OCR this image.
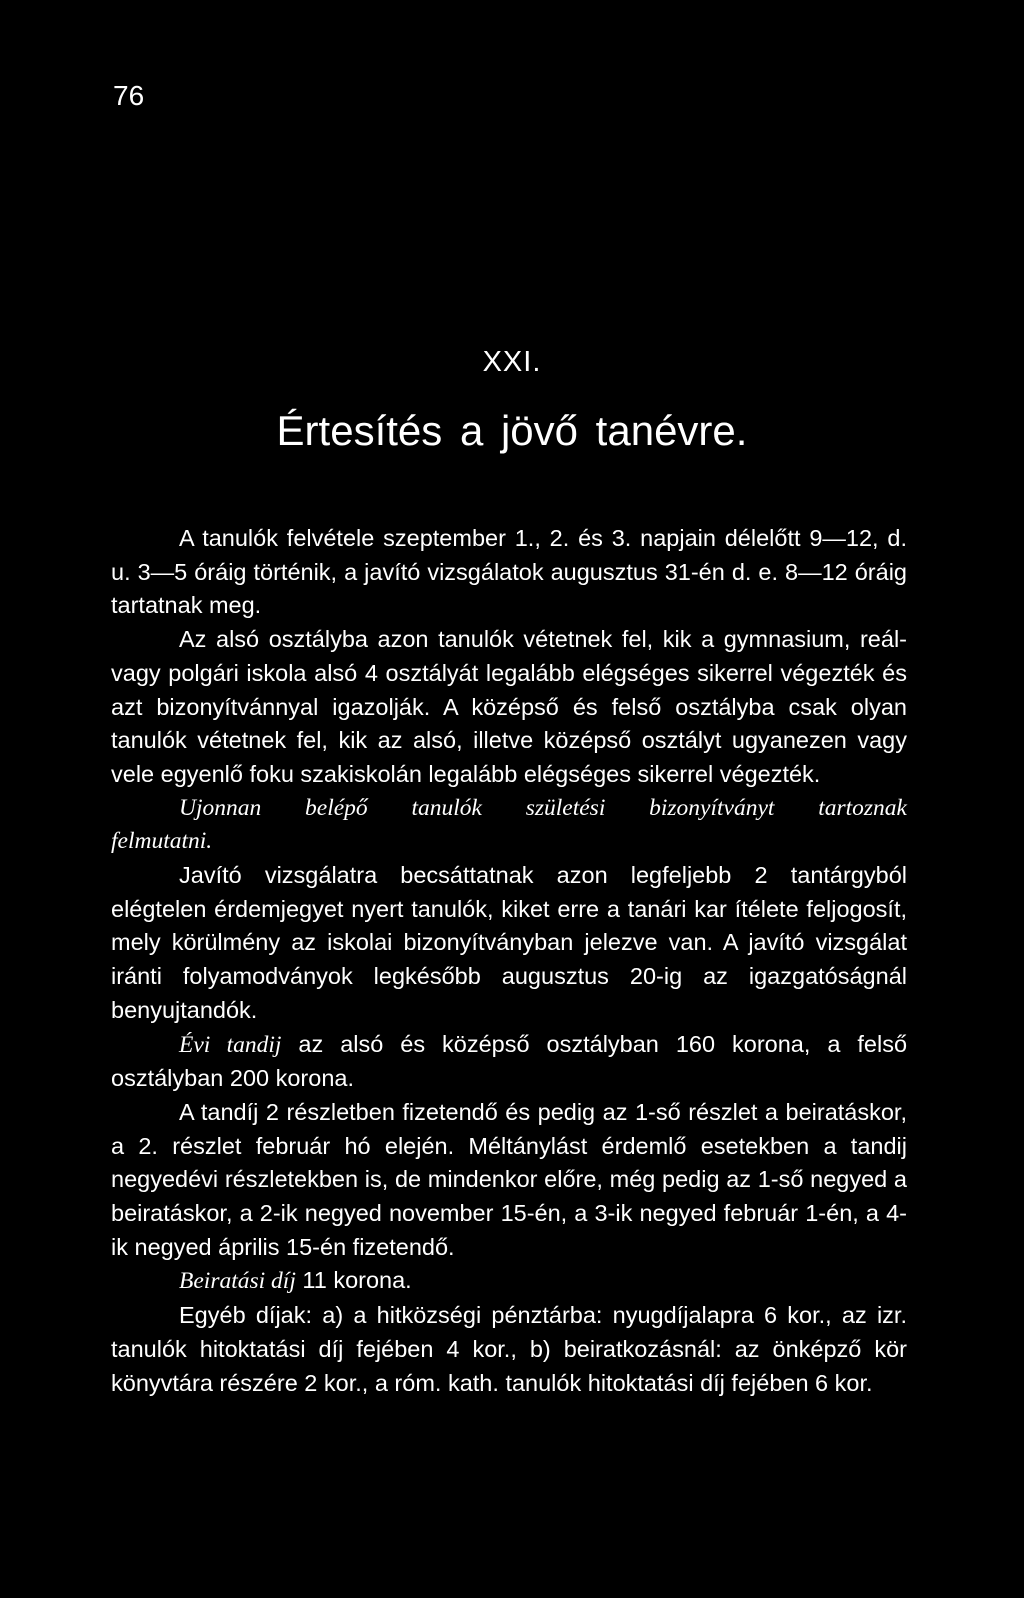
76
XXI.
Értesítés a jövő tanévre.

A tanulók felvétele szeptember 1., 2. és 3. napjain délelőtt 9—12, d. u. 3—5 óráig történik, a javító vizsgálatok augusztus 31-én d. e. 8—12 óráig tartatnak meg.

Az alsó osztályba azon tanulók vétetnek fel, kik a gymnasium, reál- vagy polgári iskola alsó 4 osztályát legalább elégséges sikerrel végezték és azt bizonyítvánnyal igazolják. A középső és felső osztályba csak olyan tanulók vétetnek fel, kik az alsó, illetve középső osztályt ugyanezen vagy vele egyenlő foku szakiskolán legalább elégséges sikerrel végezték.

Ujonnan belépő tanulók születési bizonyítványt tartoznak felmutatni.

Javító vizsgálatra becsáttatnak azon legfeljebb 2 tantárgyból elégtelen érdemjegyet nyert tanulók, kiket erre a tanári kar ítélete feljogosít, mely körülmény az iskolai bizonyítványban jelezve van. A javító vizsgálat iránti folyamodványok legkésőbb augusztus 20-ig az igazgatóságnál benyujtandók.

Évi tandij az alsó és középső osztályban 160 korona, a felső osztályban 200 korona.

A tandíj 2 részletben fizetendő és pedig az 1-ső részlet a beiratáskor, a 2. részlet február hó elején. Méltánylást érdemlő esetekben a tandij negyedévi részletekben is, de mindenkor előre, még pedig az 1-ső negyed a beiratáskor, a 2-ik negyed november 15-én, a 3-ik negyed február 1-én, a 4-ik negyed április 15-én fizetendő.

Beiratási díj 11 korona.

Egyéb díjak: a) a hitközségi pénztárba: nyugdíjalapra 6 kor., az izr. tanulók hitoktatási díj fejében 4 kor., b) beiratkozásnál: az önképző kör könyvtára részére 2 kor., a róm. kath. tanulók hitoktatási díj fejében 6 kor.
